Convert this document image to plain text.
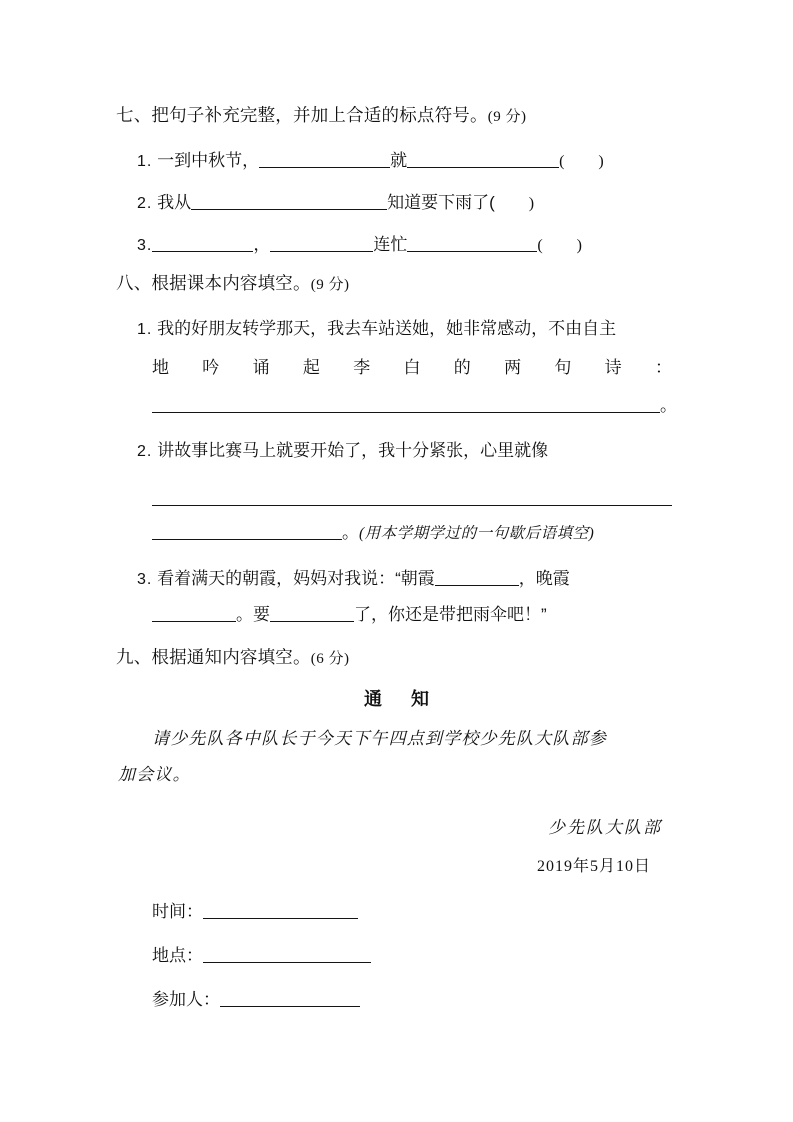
七、把句子补充完整，并加上合适的标点符号。(9 分)
1. 一到中秋节，	就	( )
2. 我从	知道要下雨了( )
3.	，	连忙	( )
八、根据课本内容填空。(9 分)
1. 我的好朋友转学那天，我去车站送她，她非常感动，不由自主
地 吟 诵 起 李 白 的 两 句 诗 ：
。
2. 讲故事比赛马上就要开始了，我十分紧张，心里就像
。(用本学期学过的一句歇后语填空)
3. 看着满天的朝霞，妈妈对我说：“朝霞	，晚霞
。要	了，你还是带把雨伞吧！”
九、根据通知内容填空。(6 分)
通 知
请少先队各中队长于今天下午四点到学校少先队大队部参
加会议。
少先队大队部
2019年5月10日
时间：
地点：
参加人：
